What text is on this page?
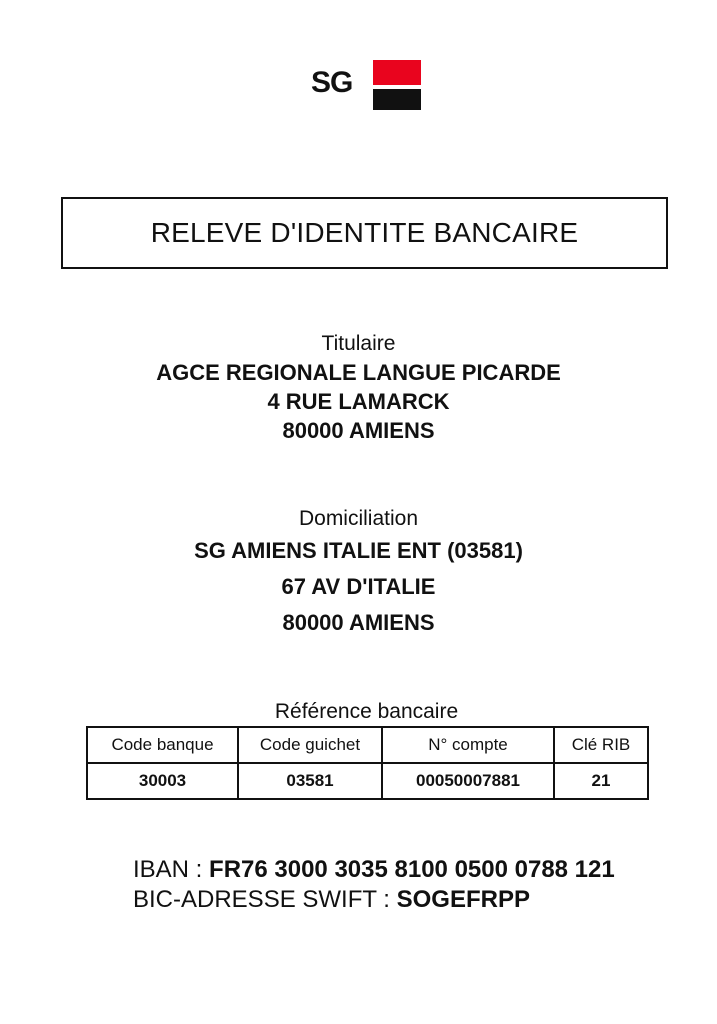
SG
RELEVE D'IDENTITE BANCAIRE
Titulaire
AGCE REGIONALE LANGUE PICARDE
4 RUE LAMARCK
80000 AMIENS
Domiciliation
SG AMIENS ITALIE ENT (03581)
67 AV D'ITALIE
80000 AMIENS
Référence bancaire
Code banque	Code guichet	N° compte	Clé RIB
30003	03581	00050007881	21
IBAN : FR76 3000 3035 8100 0500 0788 121
BIC-ADRESSE SWIFT : SOGEFRPP
